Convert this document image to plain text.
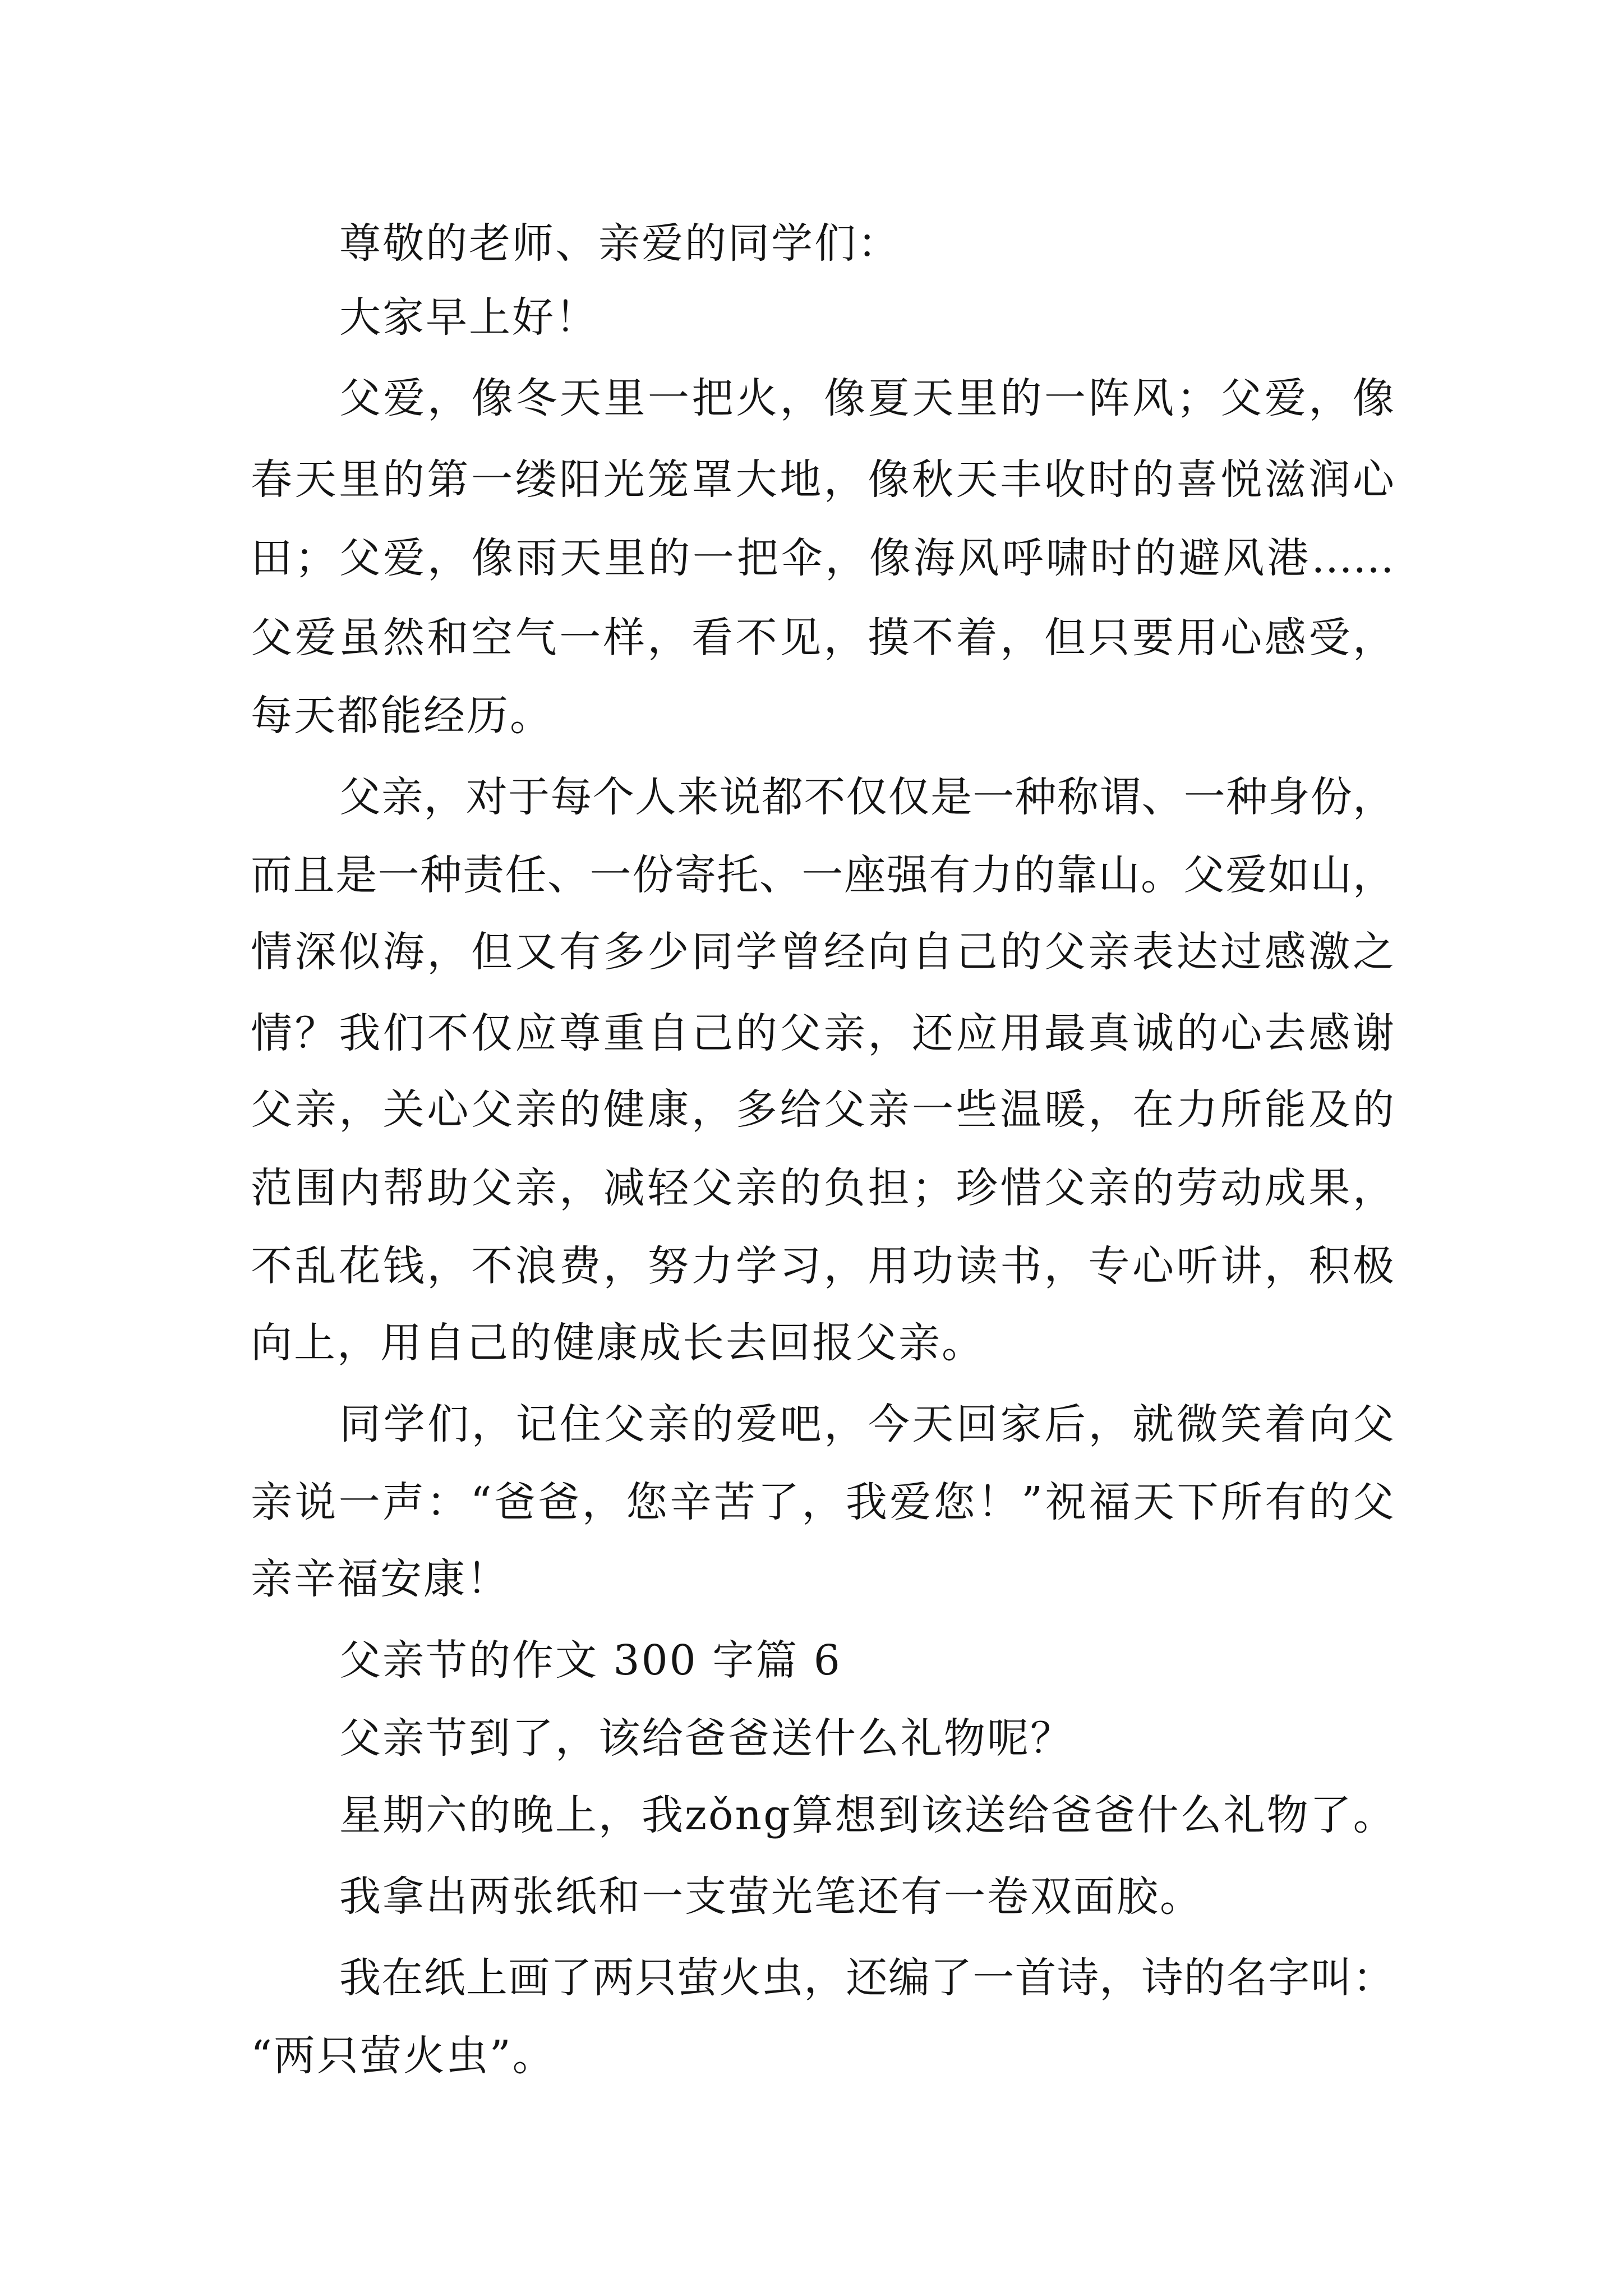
尊敬的老师、亲爱的同学们：
大家早上好！
父爱，像冬天里一把火，像夏天里的一阵风；父爱，像
春天里的第一缕阳光笼罩大地，像秋天丰收时的喜悦滋润心
田；父爱，像雨天里的一把伞，像海风呼啸时的避风港……
父爱虽然和空气一样，看不见，摸不着，但只要用心感受，
每天都能经历。
父亲，对于每个人来说都不仅仅是一种称谓、一种身份，
而且是一种责任、一份寄托、一座强有力的靠山。父爱如山，
情深似海，但又有多少同学曾经向自己的父亲表达过感激之
情？我们不仅应尊重自己的父亲，还应用最真诚的心去感谢
父亲，关心父亲的健康，多给父亲一些温暖，在力所能及的
范围内帮助父亲，减轻父亲的负担；珍惜父亲的劳动成果，
不乱花钱，不浪费，努力学习，用功读书，专心听讲，积极
向上，用自己的健康成长去回报父亲。
同学们，记住父亲的爱吧，今天回家后，就微笑着向父
亲说一声：“爸爸，您辛苦了，我爱您！”祝福天下所有的父
亲辛福安康！
父亲节的作文 300 字篇 6
父亲节到了，该给爸爸送什么礼物呢？
星期六的晚上，我zǒng算想到该送给爸爸什么礼物了。
我拿出两张纸和一支萤光笔还有一卷双面胶。
我在纸上画了两只萤火虫，还编了一首诗，诗的名字叫：
“两只萤火虫”。
